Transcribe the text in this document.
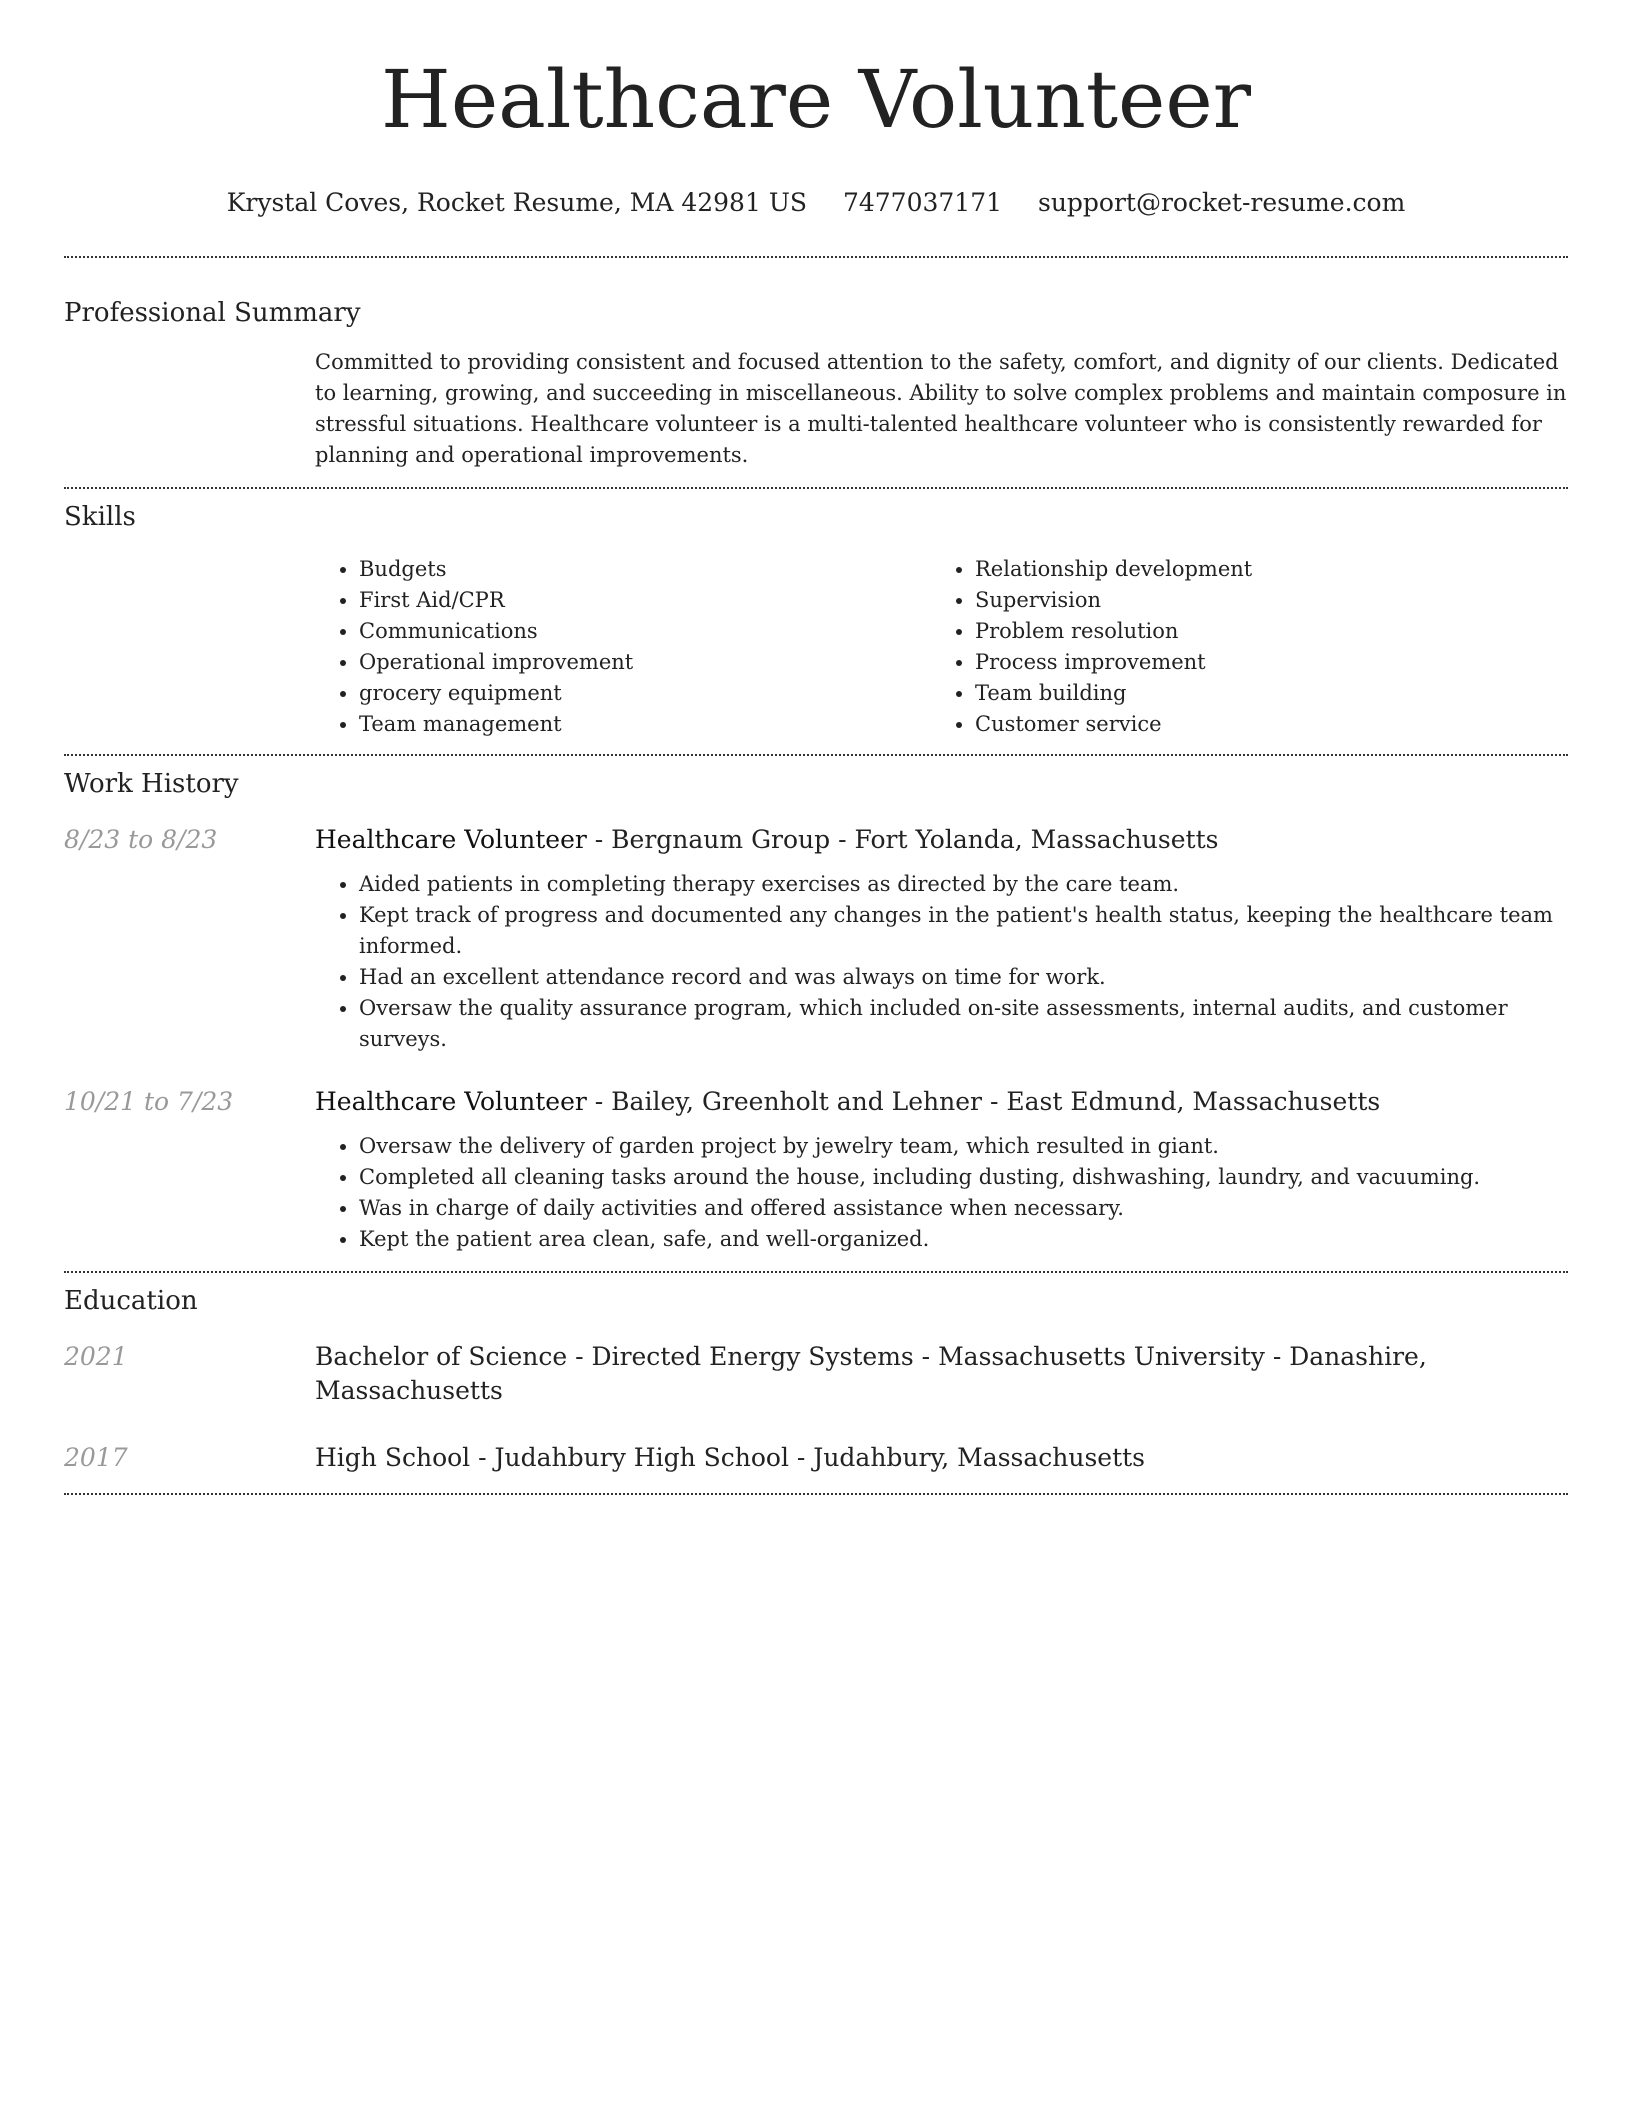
Healthcare Volunteer
Krystal Coves, Rocket Resume, MA 42981 US 7477037171 support@rocket-resume.com
Professional Summary

Committed to providing consistent and focused attention to the safety, comfort, and dignity of our clients. Dedicated to learning, growing, and succeeding in miscellaneous. Ability to solve complex problems and maintain composure in stressful situations. Healthcare volunteer is a multi-talented healthcare volunteer who is consistently rewarded for planning and operational improvements.

Skills
• Budgets
• First Aid/CPR
• Communications
• Operational improvement
• grocery equipment
• Team management
• Relationship development
• Supervision
• Problem resolution
• Process improvement
• Team building
• Customer service
Work History
8/23 to 8/23	Healthcare Volunteer - Bergnaum Group - Fort Yolanda, Massachusetts
• Aided patients in completing therapy exercises as directed by the care team.
• Kept track of progress and documented any changes in the patient's health status, keeping the healthcare team informed.
• Had an excellent attendance record and was always on time for work.
• Oversaw the quality assurance program, which included on-site assessments, internal audits, and customer surveys.
10/21 to 7/23	Healthcare Volunteer - Bailey, Greenholt and Lehner - East Edmund, Massachusetts
• Oversaw the delivery of garden project by jewelry team, which resulted in giant.
• Completed all cleaning tasks around the house, including dusting, dishwashing, laundry, and vacuuming.
• Was in charge of daily activities and offered assistance when necessary.
• Kept the patient area clean, safe, and well-organized.
Education
2021	Bachelor of Science - Directed Energy Systems - Massachusetts University - Danashire, Massachusetts
2017	High School - Judahbury High School - Judahbury, Massachusetts
